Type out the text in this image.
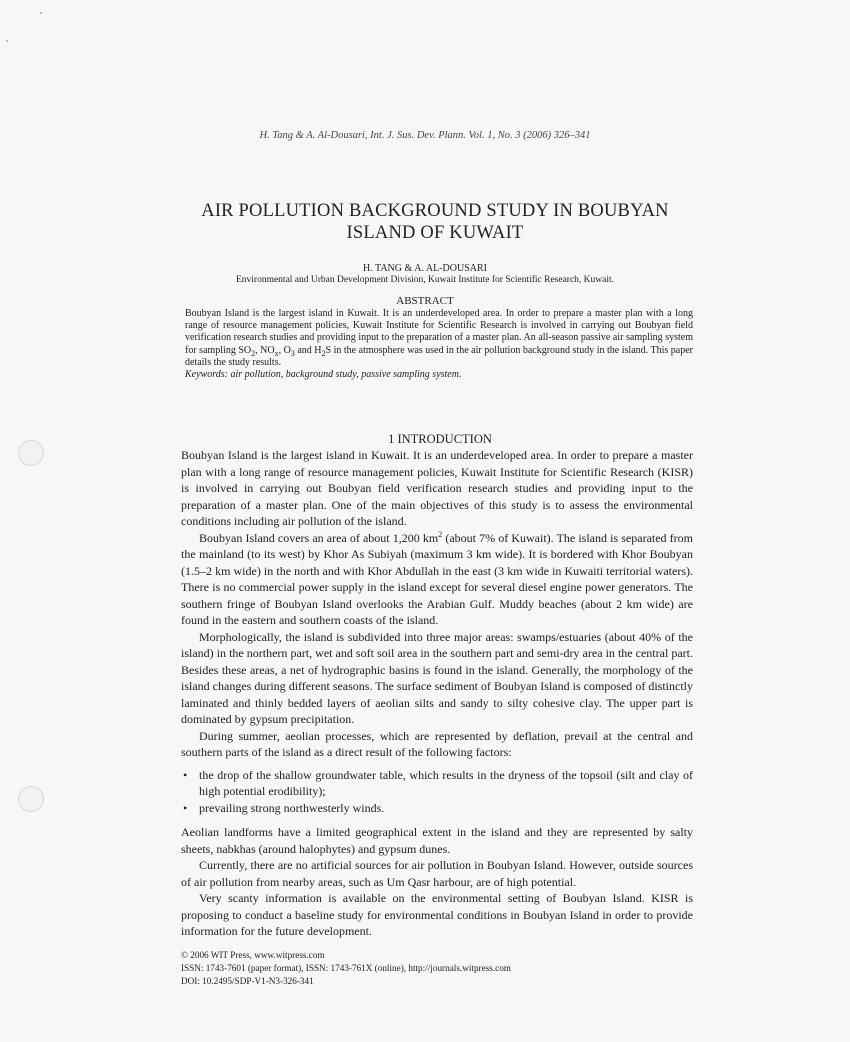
H. Tang & A. Al-Dousari, Int. J. Sus. Dev. Plann. Vol. 1, No. 3 (2006) 326–341
AIR POLLUTION BACKGROUND STUDY IN BOUBYAN
ISLAND OF KUWAIT
H. TANG & A. AL-DOUSARI
Environmental and Urban Development Division, Kuwait Institute for Scientific Research, Kuwait.
ABSTRACT

Boubyan Island is the largest island in Kuwait. It is an underdeveloped area. In order to prepare a master plan with a long range of resource management policies, Kuwait Institute for Scientific Research is involved in carrying out Boubyan field verification research studies and providing input to the preparation of a master plan. An all-season passive air sampling system for sampling $SO_2$, $NO_x$, $O_3$ and $H_2S$ in the atmosphere was used in the air pollution background study in the island. This paper details the study results.

Keywords: air pollution, background study, passive sampling system.

1 INTRODUCTION

Boubyan Island is the largest island in Kuwait. It is an underdeveloped area. In order to prepare a master plan with a long range of resource management policies, Kuwait Institute for Scientific Research (KISR) is involved in carrying out Boubyan field verification research studies and providing input to the preparation of a master plan. One of the main objectives of this study is to assess the environmental conditions including air pollution of the island.

Boubyan Island covers an area of about 1,200 $km^2$ (about 7% of Kuwait). The island is separated from the mainland (to its west) by Khor As Subiyah (maximum 3 km wide). It is bordered with Khor Boubyan (1.5–2 km wide) in the north and with Khor Abdullah in the east (3 km wide in Kuwaiti territorial waters). There is no commercial power supply in the island except for several diesel engine power generators. The southern fringe of Boubyan Island overlooks the Arabian Gulf. Muddy beaches (about 2 km wide) are found in the eastern and southern coasts of the island.

Morphologically, the island is subdivided into three major areas: swamps/estuaries (about 40% of the island) in the northern part, wet and soft soil area in the southern part and semi-dry area in the central part. Besides these areas, a net of hydrographic basins is found in the island. Generally, the morphology of the island changes during different seasons. The surface sediment of Boubyan Island is composed of distinctly laminated and thinly bedded layers of aeolian silts and sandy to silty cohesive clay. The upper part is dominated by gypsum precipitation.

During summer, aeolian processes, which are represented by deflation, prevail at the central and southern parts of the island as a direct result of the following factors:

• the drop of the shallow groundwater table, which results in the dryness of the topsoil (silt and clay of high potential erodibility);
• prevailing strong northwesterly winds.

Aeolian landforms have a limited geographical extent in the island and they are represented by salty sheets, nabkhas (around halophytes) and gypsum dunes.

Currently, there are no artificial sources for air pollution in Boubyan Island. However, outside sources of air pollution from nearby areas, such as Um Qasr harbour, are of high potential.

Very scanty information is available on the environmental setting of Boubyan Island. KISR is proposing to conduct a baseline study for environmental conditions in Boubyan Island in order to provide information for the future development.

© 2006 WIT Press, www.witpress.com
ISSN: 1743-7601 (paper format), ISSN: 1743-761X (online), http://journals.witpress.com
DOI: 10.2495/SDP-V1-N3-326-341
